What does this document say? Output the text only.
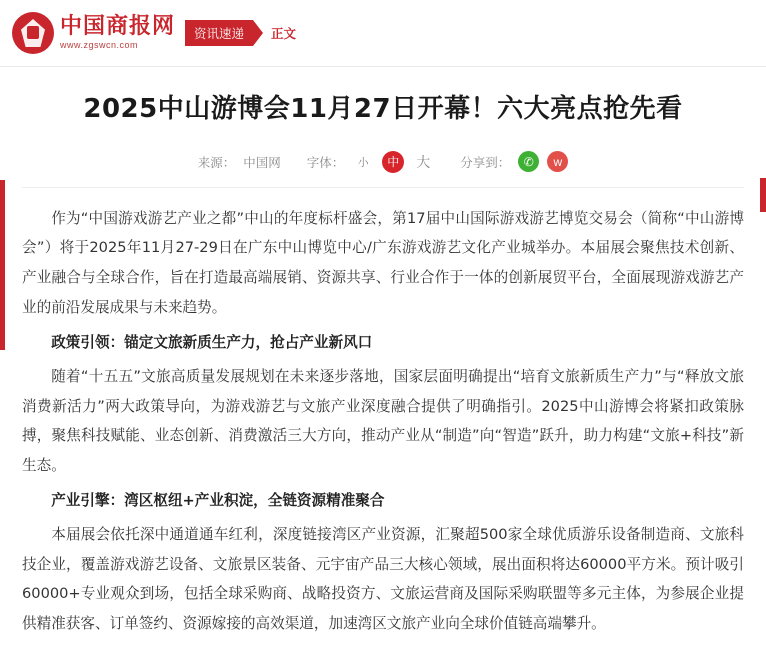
中国商报网
www.zgswcn.com
资讯速递	正文
2025中山游博会11月27日开幕！六大亮点抢先看
来源： 中国网 字体：	小	中	大	分享到：	✆	w

作为“中国游戏游艺产业之都”中山的年度标杆盛会，第17届中山国际游戏游艺博览交易会（简称“中山游博会”）将于2025年11月27-29日在广东中山博览中心/广东游戏游艺文化产业城举办。本届展会聚焦技术创新、产业融合与全球合作，旨在打造最高端展销、资源共享、行业合作于一体的创新展贸平台，全面展现游戏游艺产业的前沿发展成果与未来趋势。

政策引领：锚定文旅新质生产力，抢占产业新风口

随着“十五五”文旅高质量发展规划在未来逐步落地，国家层面明确提出“培育文旅新质生产力”与“释放文旅消费新活力”两大政策导向，为游戏游艺与文旅产业深度融合提供了明确指引。2025中山游博会将紧扣政策脉搏，聚焦科技赋能、业态创新、消费激活三大方向，推动产业从“制造”向“智造”跃升，助力构建“文旅+科技”新生态。

产业引擎：湾区枢纽+产业积淀，全链资源精准聚合

本届展会依托深中通道通车红利，深度链接湾区产业资源，汇聚超500家全球优质游乐设备制造商、文旅科技企业，覆盖游戏游艺设备、文旅景区装备、元宇宙产品三大核心领域，展出面积将达60000平方米。预计吸引60000+专业观众到场，包括全球采购商、战略投资方、文旅运营商及国际采购联盟等多元主体，为参展企业提供精准获客、订单签约、资源嫁接的高效渠道，加速湾区文旅产业向全球价值链高端攀升。
